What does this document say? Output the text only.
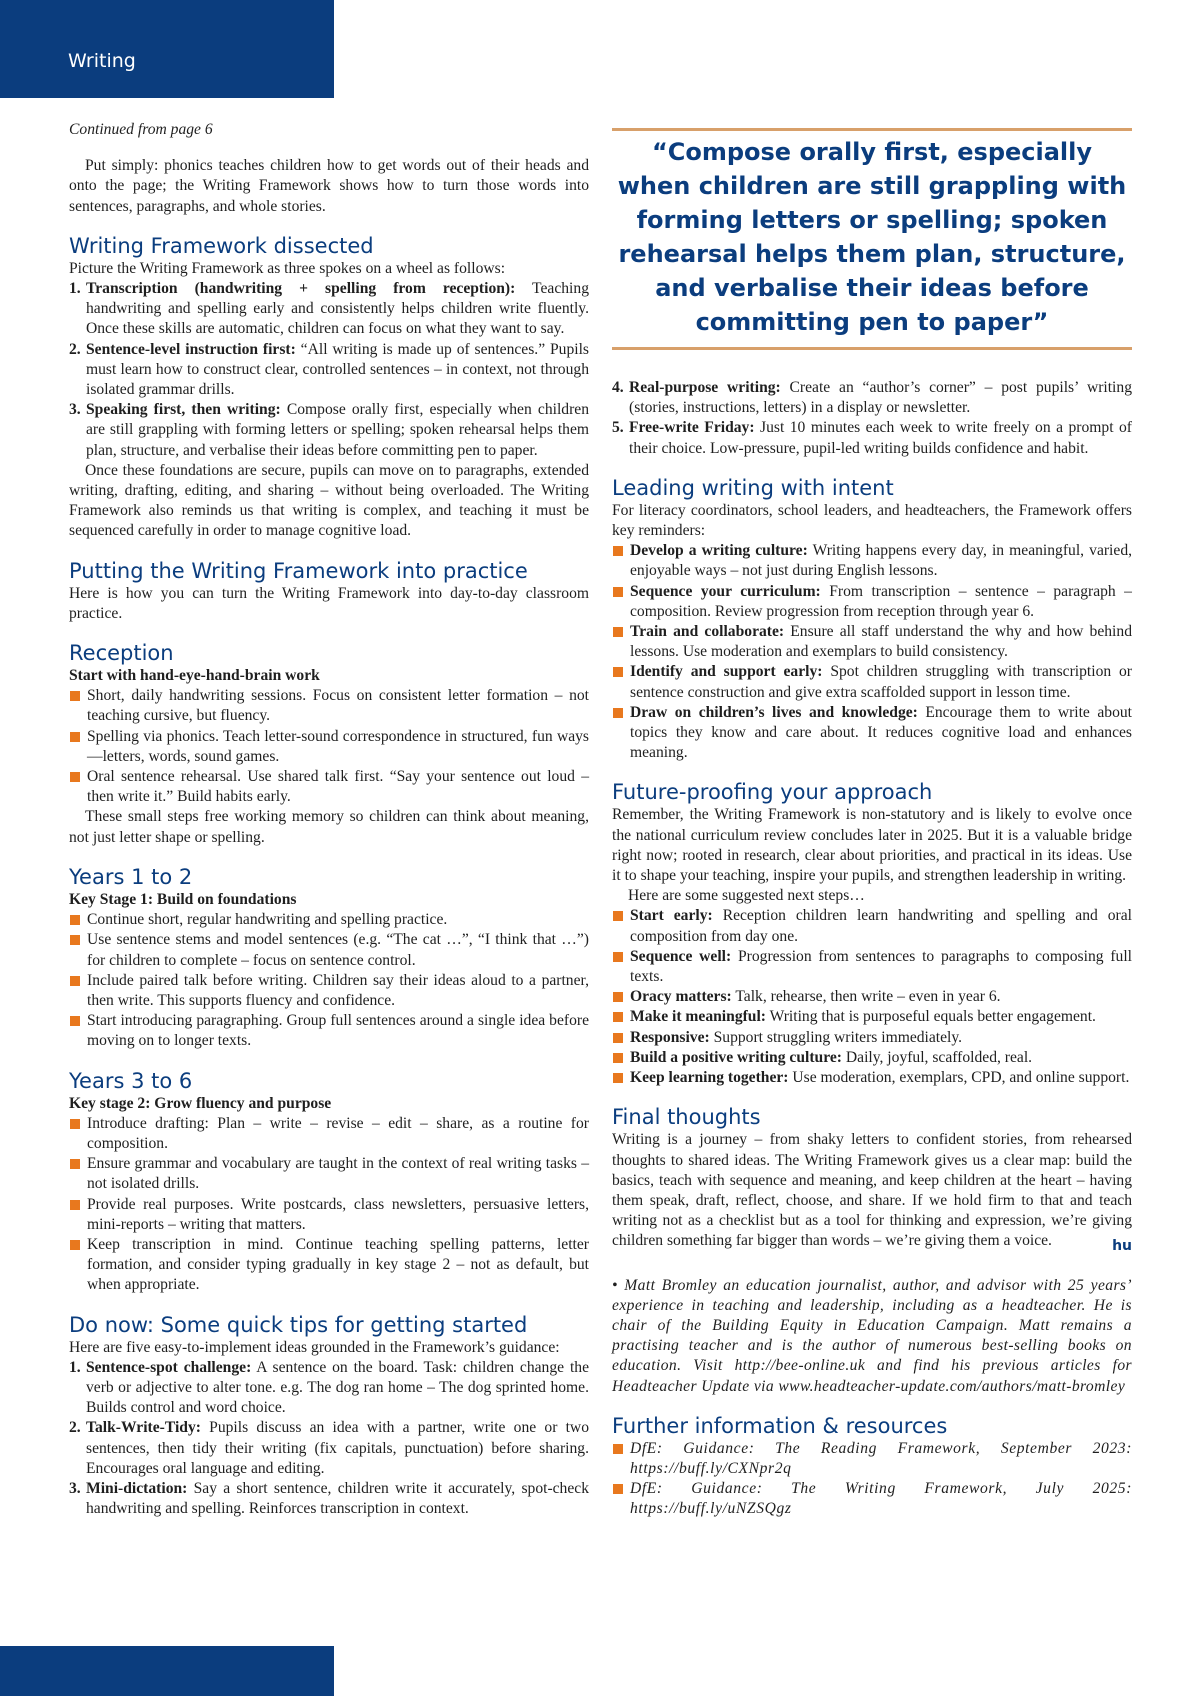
Writing

Continued from page 6

Put simply: phonics teaches children how to get words out of their heads and onto the page; the Writing Framework shows how to turn those words into sentences, paragraphs, and whole stories.

Writing Framework dissected

Picture the Writing Framework as three spokes on a wheel as follows:

1. Transcription (handwriting + spelling from reception): Teaching handwriting and spelling early and consistently helps children write fluently. Once these skills are automatic, children can focus on what they want to say.
2. Sentence-level instruction first: “All writing is made up of sentences.” Pupils must learn how to construct clear, controlled sentences – in context, not through isolated grammar drills.
3. Speaking first, then writing: Compose orally first, especially when children are still grappling with forming letters or spelling; spoken rehearsal helps them plan, structure, and verbalise their ideas before committing pen to paper.

Once these foundations are secure, pupils can move on to paragraphs, extended writing, drafting, editing, and sharing – without being overloaded. The Writing Framework also reminds us that writing is complex, and teaching it must be sequenced carefully in order to manage cognitive load.

Putting the Writing Framework into practice

Here is how you can turn the Writing Framework into day-to-day classroom practice.

Reception
Start with hand-eye-hand-brain work
Short, daily handwriting sessions. Focus on consistent letter formation – not teaching cursive, but fluency.
Spelling via phonics. Teach letter-sound correspondence in structured, fun ways—letters, words, sound games.
Oral sentence rehearsal. Use shared talk first. “Say your sentence out loud – then write it.” Build habits early.

These small steps free working memory so children can think about meaning, not just letter shape or spelling.

Years 1 to 2
Key Stage 1: Build on foundations
Continue short, regular handwriting and spelling practice.
Use sentence stems and model sentences (e.g. “The cat …”, “I think that …”) for children to complete – focus on sentence control.
Include paired talk before writing. Children say their ideas aloud to a partner, then write. This supports fluency and confidence.
Start introducing paragraphing. Group full sentences around a single idea before moving on to longer texts.
Years 3 to 6
Key stage 2: Grow fluency and purpose
Introduce drafting: Plan – write – revise – edit – share, as a routine for composition.
Ensure grammar and vocabulary are taught in the context of real writing tasks – not isolated drills.
Provide real purposes. Write postcards, class newsletters, persuasive letters, mini-reports – writing that matters.
Keep transcription in mind. Continue teaching spelling patterns, letter formation, and consider typing gradually in key stage 2 – not as default, but when appropriate.
Do now: Some quick tips for getting started

Here are five easy-to-implement ideas grounded in the Framework’s guidance:

1. Sentence-spot challenge: A sentence on the board. Task: children change the verb or adjective to alter tone. e.g. The dog ran home – The dog sprinted home. Builds control and word choice.
2. Talk-Write-Tidy: Pupils discuss an idea with a partner, write one or two sentences, then tidy their writing (fix capitals, punctuation) before sharing. Encourages oral language and editing.
3. Mini-dictation: Say a short sentence, children write it accurately, spot-check handwriting and spelling. Reinforces transcription in context.
“Compose orally first, especially when children are still grappling with forming letters or spelling; spoken rehearsal helps them plan, structure, and verbalise their ideas before committing pen to paper”
4. Real-purpose writing: Create an “author’s corner” – post pupils’ writing (stories, instructions, letters) in a display or newsletter.
5. Free-write Friday: Just 10 minutes each week to write freely on a prompt of their choice. Low-pressure, pupil-led writing builds confidence and habit.
Leading writing with intent

For literacy coordinators, school leaders, and headteachers, the Framework offers key reminders:

Develop a writing culture: Writing happens every day, in meaningful, varied, enjoyable ways – not just during English lessons.
Sequence your curriculum: From transcription – sentence – paragraph – composition. Review progression from reception through year 6.
Train and collaborate: Ensure all staff understand the why and how behind lessons. Use moderation and exemplars to build consistency.
Identify and support early: Spot children struggling with transcription or sentence construction and give extra scaffolded support in lesson time.
Draw on children’s lives and knowledge: Encourage them to write about topics they know and care about. It reduces cognitive load and enhances meaning.
Future-proofing your approach

Remember, the Writing Framework is non-statutory and is likely to evolve once the national curriculum review concludes later in 2025. But it is a valuable bridge right now; rooted in research, clear about priorities, and practical in its ideas. Use it to shape your teaching, inspire your pupils, and strengthen leadership in writing.

Here are some suggested next steps…

Start early: Reception children learn handwriting and spelling and oral composition from day one.
Sequence well: Progression from sentences to paragraphs to composing full texts.
Oracy matters: Talk, rehearse, then write – even in year 6.
Make it meaningful: Writing that is purposeful equals better engagement.
Responsive: Support struggling writers immediately.
Build a positive writing culture: Daily, joyful, scaffolded, real.
Keep learning together: Use moderation, exemplars, CPD, and online support.
Final thoughts

Writing is a journey – from shaky letters to confident stories, from rehearsed thoughts to shared ideas. The Writing Framework gives us a clear map: build the basics, teach with sequence and meaning, and keep children at the heart – having them speak, draft, reflect, choose, and share. If we hold firm to that and teach writing not as a checklist but as a tool for thinking and expression, we’re giving children something far bigger than words – we’re giving them a voice.	hu

• Matt Bromley an education journalist, author, and advisor with 25 years’ experience in teaching and leadership, including as a headteacher. He is chair of the Building Equity in Education Campaign. Matt remains a practising teacher and is the author of numerous best-selling books on education. Visit http://bee-online.uk and find his previous articles for Headteacher Update via www.headteacher-update.com/authors/matt-bromley

Further information & resources
DfE: Guidance: The Reading Framework, September 2023: https://buff.ly/CXNpr2q
DfE: Guidance: The Writing Framework, July 2025: https://buff.ly/uNZSQgz
8
